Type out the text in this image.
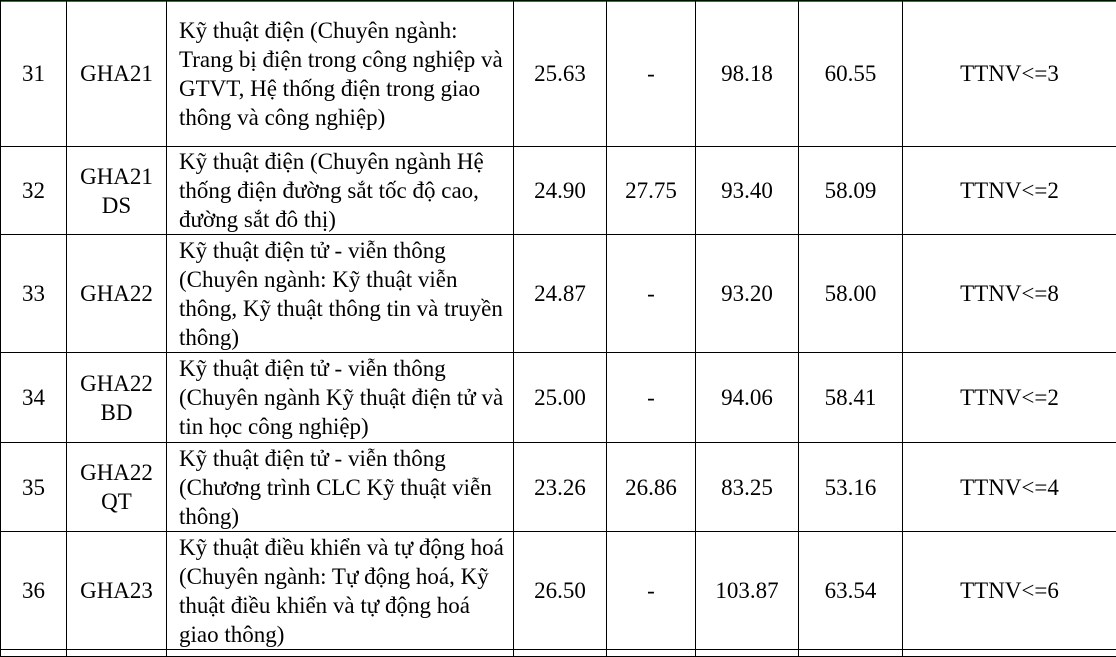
31	GHA21	Kỹ thuật điện (Chuyên ngành: Trang bị điện trong công nghiệp và GTVT, Hệ thống điện trong giao thông và công nghiệp)	25.63	-	98.18	60.55	TTNV<=3
32	GHA21 DS	Kỹ thuật điện (Chuyên ngành Hệ thống điện đường sắt tốc độ cao, đường sắt đô thị)	24.90	27.75	93.40	58.09	TTNV<=2
33	GHA22	Kỹ thuật điện tử - viễn thông (Chuyên ngành: Kỹ thuật viễn thông, Kỹ thuật thông tin và truyền thông)	24.87	-	93.20	58.00	TTNV<=8
34	GHA22 BD	Kỹ thuật điện tử - viễn thông (Chuyên ngành Kỹ thuật điện tử và tin học công nghiệp)	25.00	-	94.06	58.41	TTNV<=2
35	GHA22 QT	Kỹ thuật điện tử - viễn thông (Chương trình CLC Kỹ thuật viễn thông)	23.26	26.86	83.25	53.16	TTNV<=4
36	GHA23	Kỹ thuật điều khiển và tự động hoá (Chuyên ngành: Tự động hoá, Kỹ thuật điều khiển và tự động hoá giao thông)	26.50	-	103.87	63.54	TTNV<=6
